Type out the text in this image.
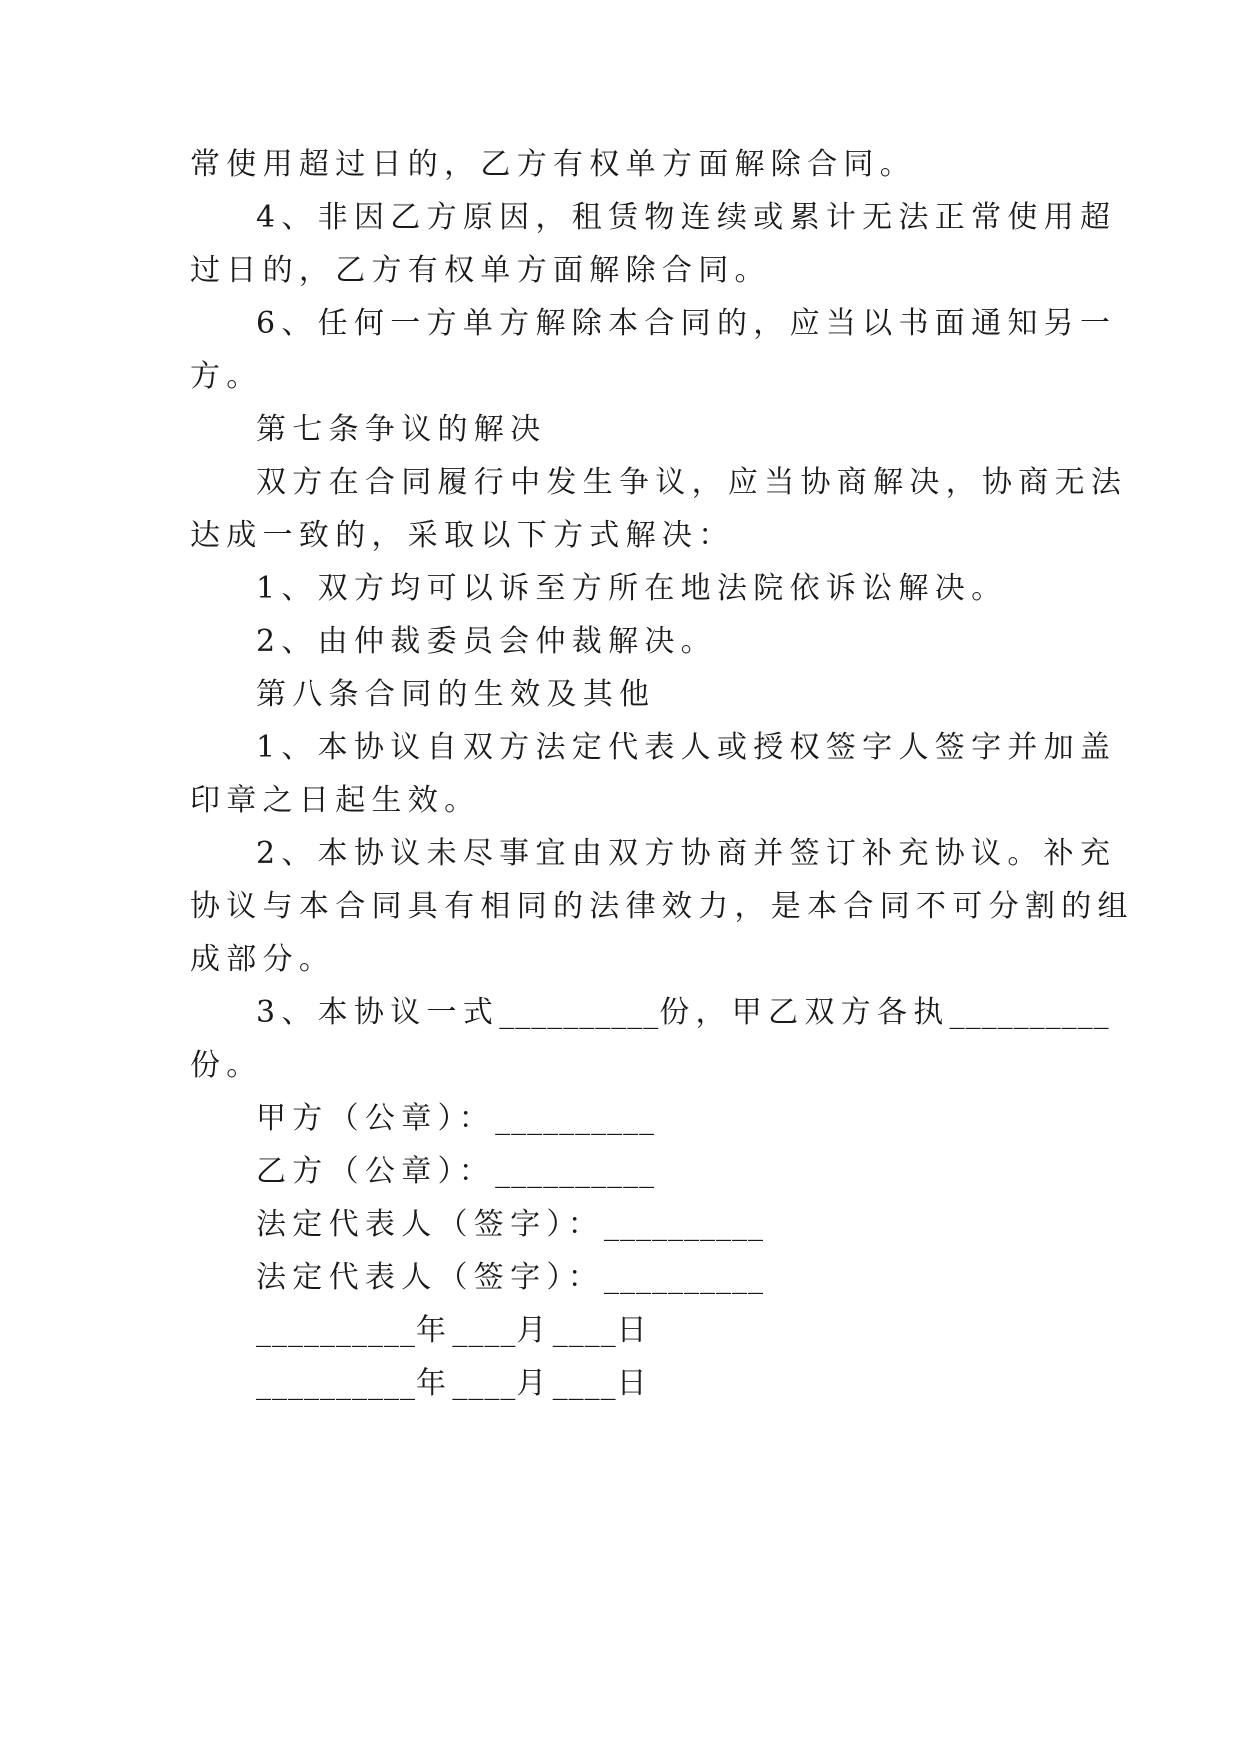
常使用超过日的，乙方有权单方面解除合同。
4、非因乙方原因，租赁物连续或累计无法正常使用超
过日的，乙方有权单方面解除合同。
6、任何一方单方解除本合同的，应当以书面通知另一
方。
第七条争议的解决
双方在合同履行中发生争议，应当协商解决，协商无法
达成一致的，采取以下方式解决：
1、双方均可以诉至方所在地法院依诉讼解决。
2、由仲裁委员会仲裁解决。
第八条合同的生效及其他
1、本协议自双方法定代表人或授权签字人签字并加盖
印章之日起生效。
2、本协议未尽事宜由双方协商并签订补充协议。补充
协议与本合同具有相同的法律效力，是本合同不可分割的组
成部分。
3、本协议一式__________份，甲乙双方各执__________
份。
甲方（公章）：__________
乙方（公章）：__________
法定代表人（签字）：__________
法定代表人（签字）：__________
__________年____月____日
__________年____月____日
